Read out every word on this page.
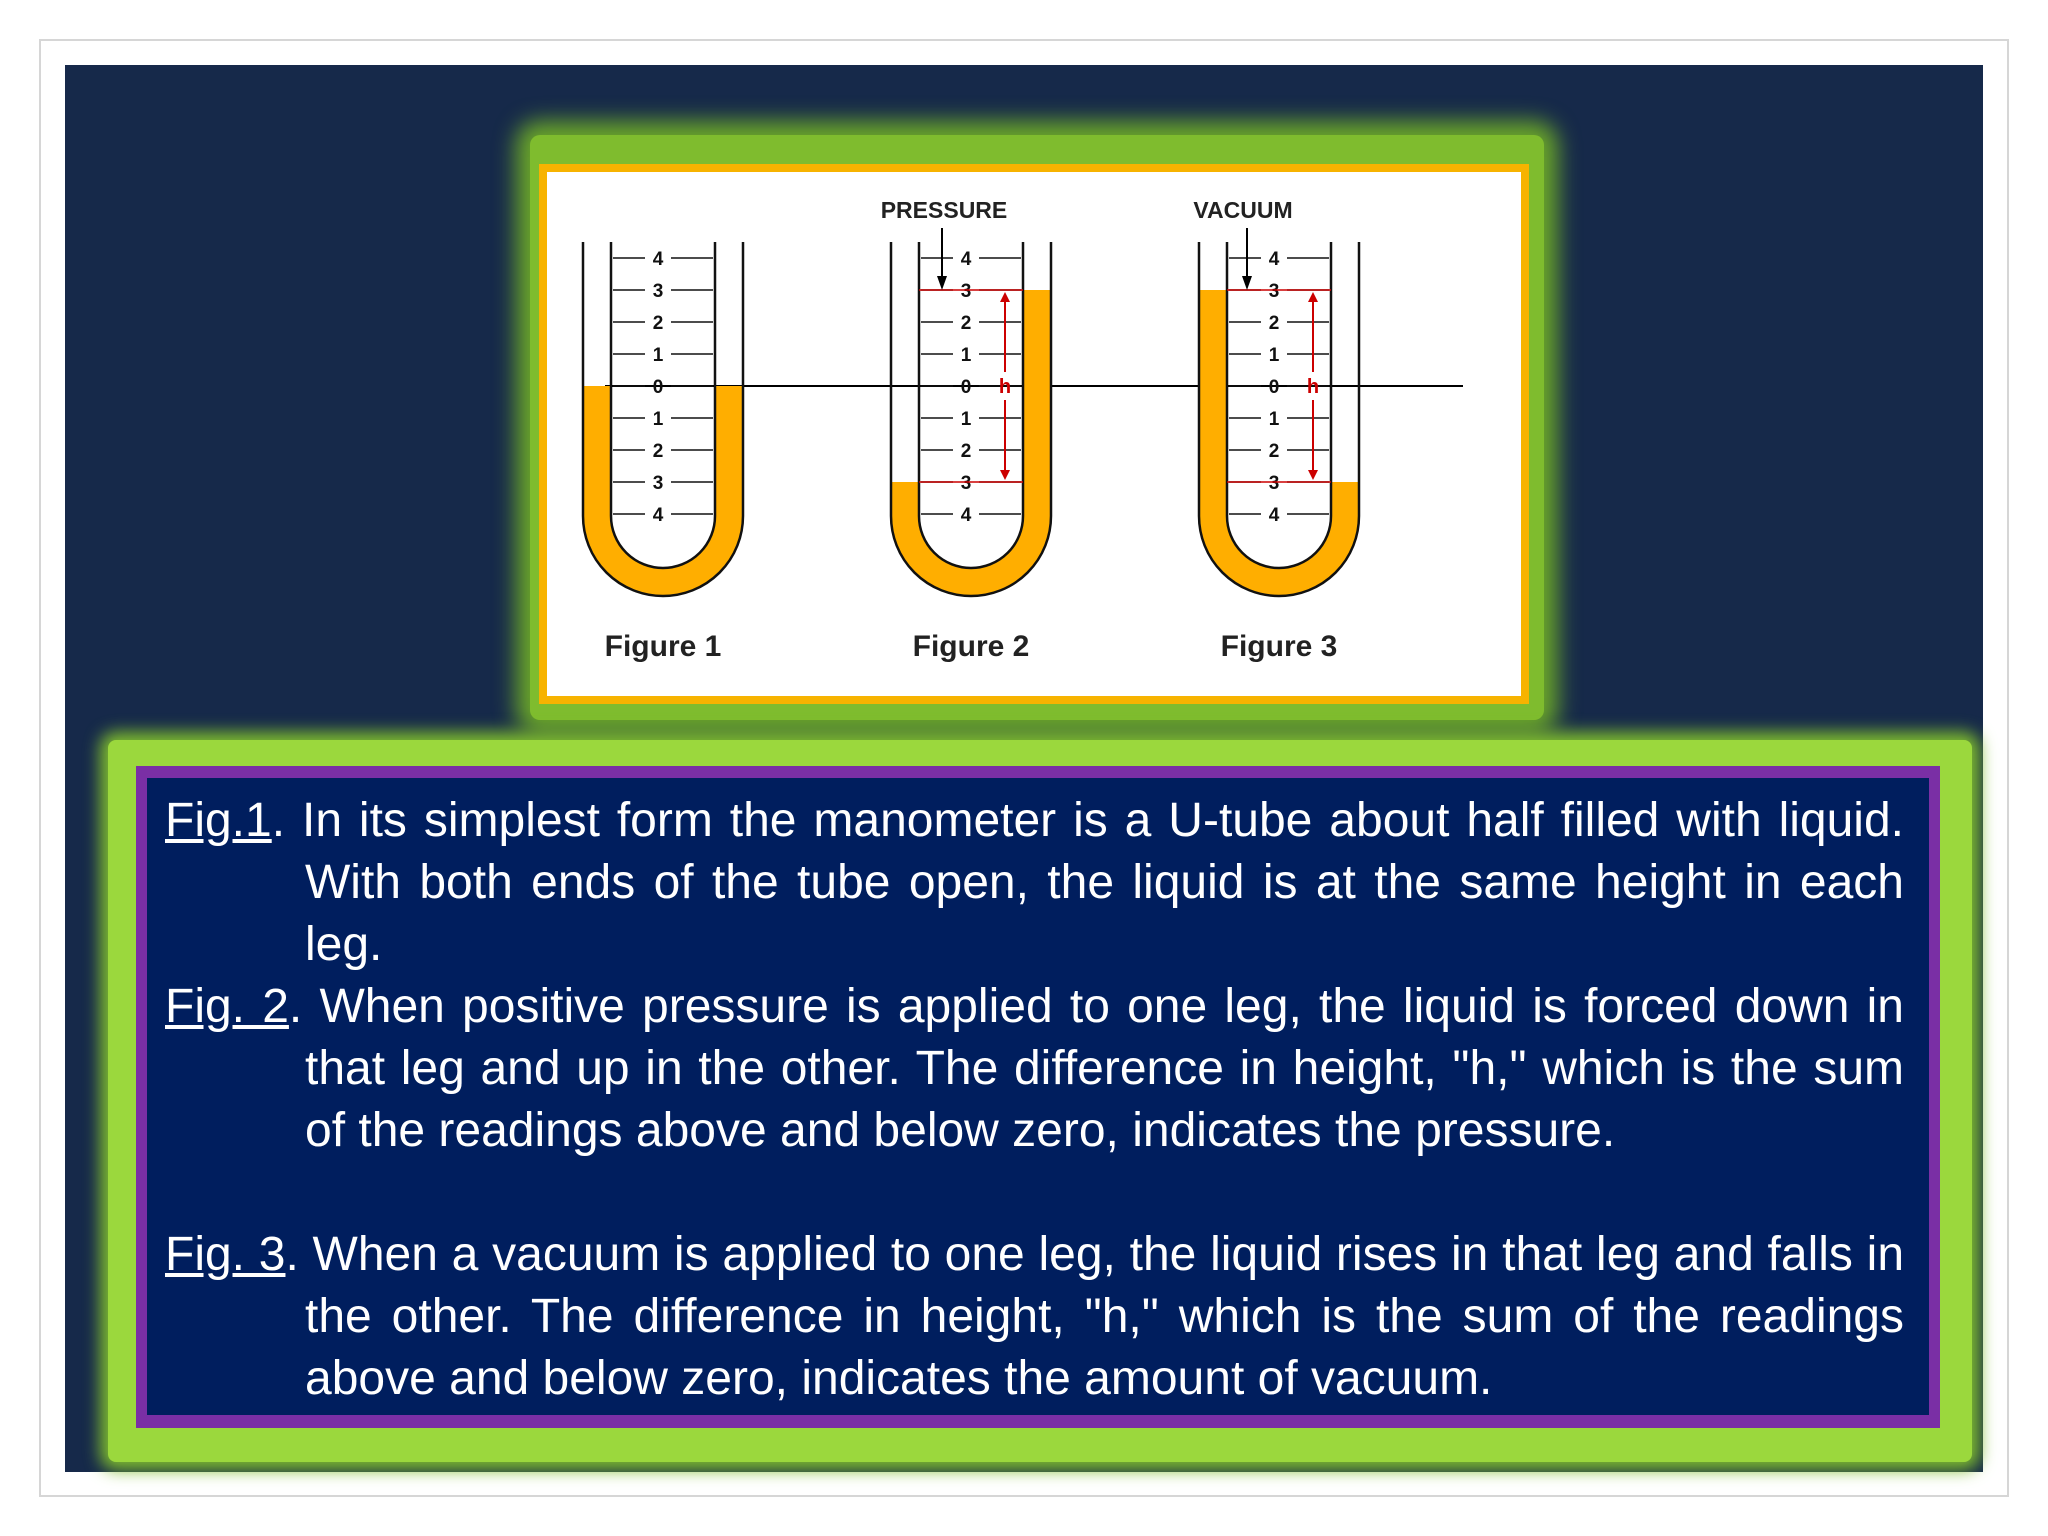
4
3
2
1
0
1
2
3
4
Figure 1
4
3
2
1
0
1
2
3
4
h
Figure 2
4
3
2
1
0
1
2
3
4
h
Figure 3
PRESSURE	VACUUM
Fig.1. In its simplest form the manometer is a U-tube about half filled with liquid. With both ends of the tube open, the liquid is at the same height in each leg.
Fig. 2. When positive pressure is applied to one leg, the liquid is forced down in that leg and up in the other. The difference in height, "h," which is the sum of the readings above and below zero, indicates the pressure.
Fig. 3. When a vacuum is applied to one leg, the liquid rises in that leg and falls in the other. The difference in height, "h," which is the sum of the readings above and below zero, indicates the amount of vacuum.
